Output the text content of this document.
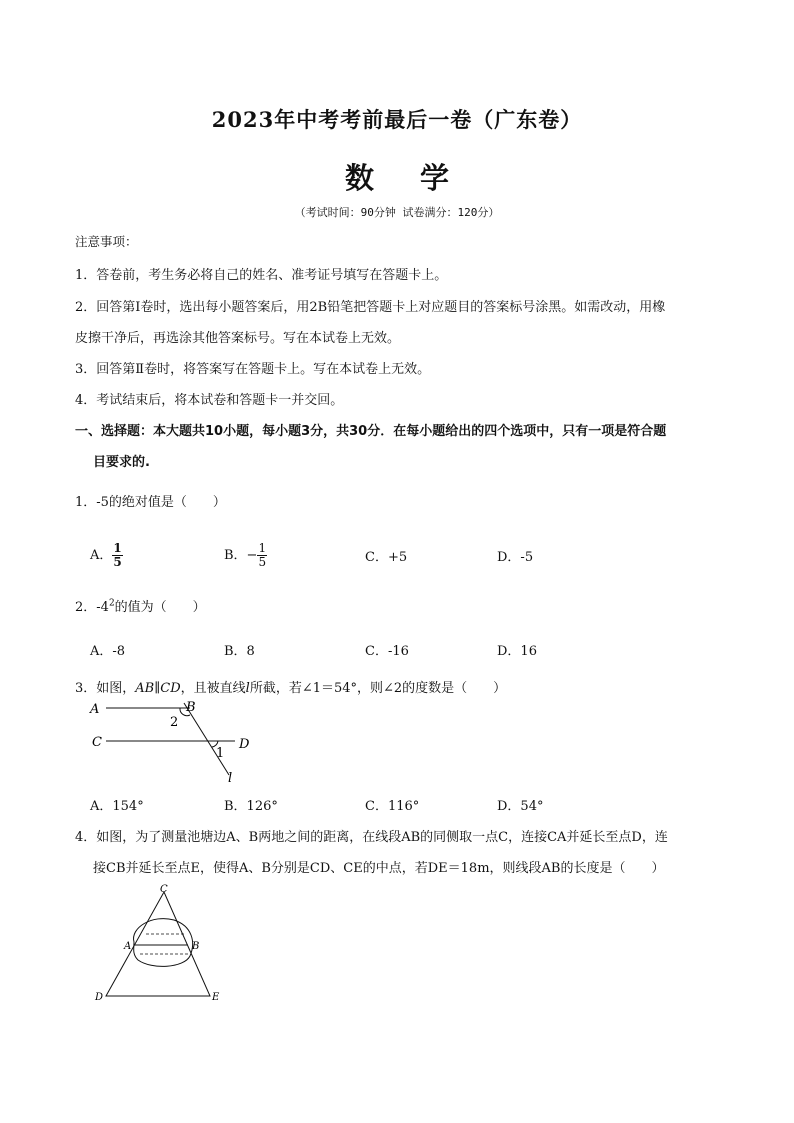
2023年中考考前最后一卷（广东卷）
数 学
（考试时间：90分钟 试卷满分：120分）
注意事项：
1．答卷前，考生务必将自己的姓名、准考证号填写在答题卡上。
2．回答第Ⅰ卷时，选出每小题答案后，用2B铅笔把答题卡上对应题目的答案标号涂黑。如需改动，用橡
皮擦干净后，再选涂其他答案标号。写在本试卷上无效。
3．回答第Ⅱ卷时，将答案写在答题卡上。写在本试卷上无效。
4．考试结束后，将本试卷和答题卡一并交回。
一、选择题：本大题共10小题，每小题3分，共30分．在每小题给出的四个选项中，只有一项是符合题
目要求的.
1．-5的绝对值是（　　）
A． $\frac{1}{5}$	B．− $\frac{1}{5}$	C．+5	D．-5
2．$-4^2$的值为（　　）
A．-8	B．8	C．-16	D．16
3．如图，AB∥CD，且被直线l所截，若∠1＝54°，则∠2的度数是（　　）
A	B
C	D
l
2
1
A．154°	B．126°	C．116°	D．54°
4．如图，为了测量池塘边A、B两地之间的距离，在线段AB的同侧取一点C，连接CA并延长至点D，连
接CB并延长至点E，使得A、B分别是CD、CE的中点，若DE＝18m，则线段AB的长度是（　　）
C
A	B
D	E
